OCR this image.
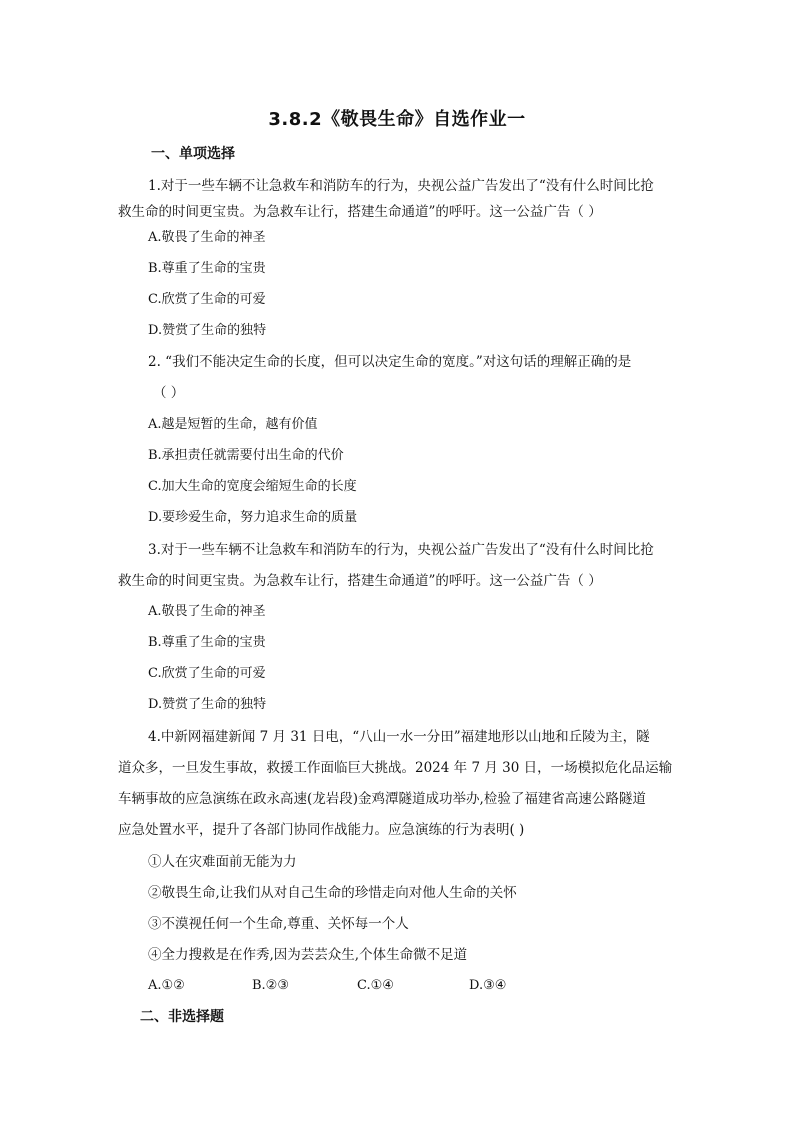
3.8.2《敬畏生命》自选作业一
一、单项选择
1.对于一些车辆不让急救车和消防车的行为，央视公益广告发出了“没有什么时间比抢
救生命的时间更宝贵。为急救车让行，搭建生命通道”的呼吁。这一公益广告（ ）
A.敬畏了生命的神圣
B.尊重了生命的宝贵
C.欣赏了生命的可爱
D.赞赏了生命的独特
2. “我们不能决定生命的长度，但可以决定生命的宽度。”对这句话的理解正确的是
（ ）
A.越是短暂的生命，越有价值
B.承担责任就需要付出生命的代价
C.加大生命的宽度会缩短生命的长度
D.要珍爱生命，努力追求生命的质量
3.对于一些车辆不让急救车和消防车的行为，央视公益广告发出了“没有什么时间比抢
救生命的时间更宝贵。为急救车让行，搭建生命通道”的呼吁。这一公益广告（ ）
A.敬畏了生命的神圣
B.尊重了生命的宝贵
C.欣赏了生命的可爱
D.赞赏了生命的独特
4.中新网福建新闻 7 月 31 日电，“八山一水一分田”福建地形以山地和丘陵为主，隧
道众多，一旦发生事故，救援工作面临巨大挑战。2024 年 7 月 30 日，一场模拟危化品运输
车辆事故的应急演练在政永高速(龙岩段)金鸡潭隧道成功举办,检验了福建省高速公路隧道
应急处置水平，提升了各部门协同作战能力。应急演练的行为表明( )
①人在灾难面前无能为力
②敬畏生命,让我们从对自己生命的珍惜走向对他人生命的关怀
③不漠视任何一个生命,尊重、关怀每一个人
④全力搜救是在作秀,因为芸芸众生,个体生命微不足道
A.①②	B.②③	C.①④	D.③④
二、非选择题
